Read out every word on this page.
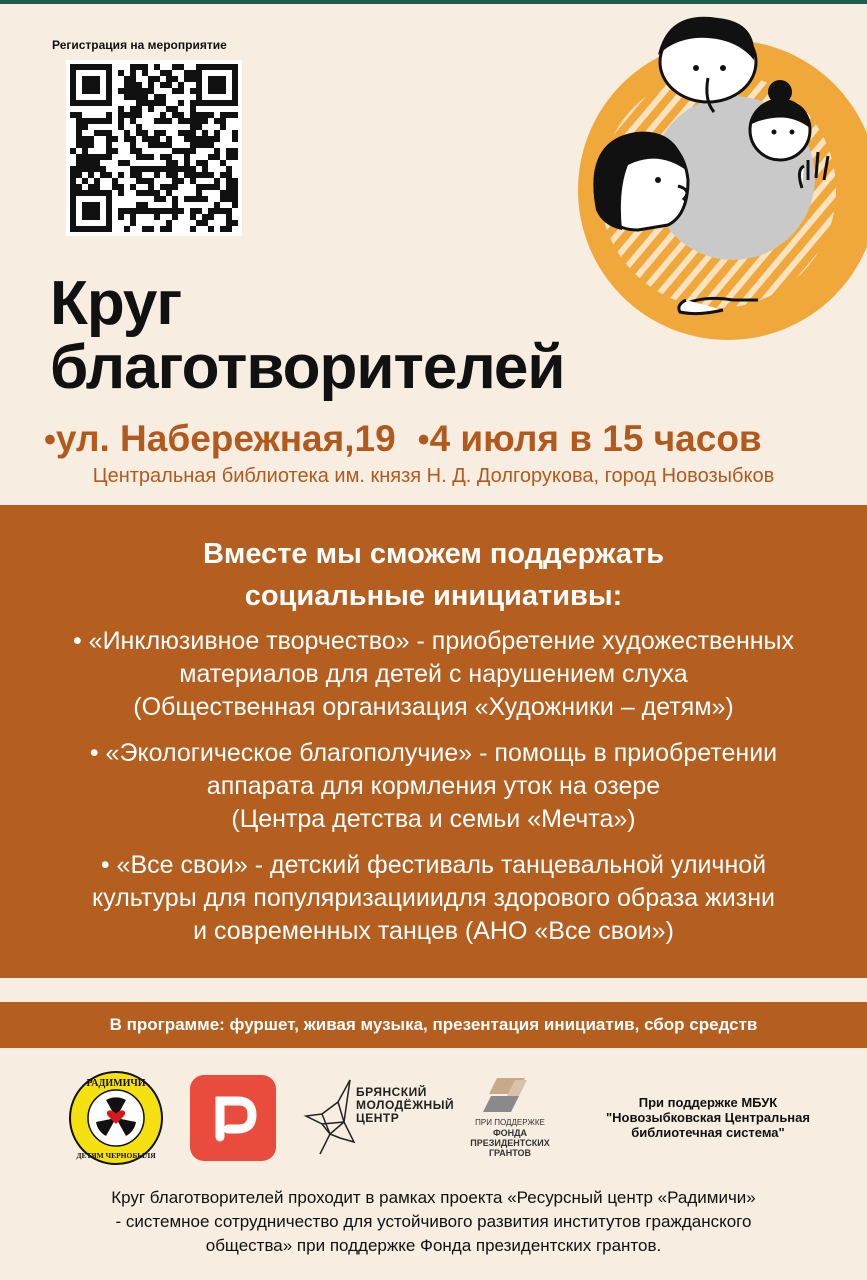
Регистрация на мероприятие
Круг
благотворителей
•ул. Набережная,19 •4 июля в 15 часов
Центральная библиотека им. князя Н. Д. Долгорукова, город Новозыбков
Вместе мы сможем поддержать
социальные инициативы:
• «Инклюзивное творчество» - приобретение художественных
материалов для детей с нарушением слуха
(Общественная организация «Художники – детям»)
• «Экологическое благополучие» - помощь в приобретении
аппарата для кормления уток на озере
(Центра детства и семьи «Мечта»)
• «Все свои» - детский фестиваль танцевальной уличной
культуры для популяризацииидля здорового образа жизни
и современных танцев (АНО «Все свои»)
В программе: фуршет, живая музыка, презентация инициатив, сбор средств
РАДИМИЧИ
ДЕТЯМ ЧЕРНОБЫЛЯ
БРЯНСКИЙ
МОЛОДЁЖНЫЙ
ЦЕНТР	ПРИ ПОДДЕРЖКЕ
ФОНДА
ПРЕЗИДЕНТСКИХ
ГРАНТОВ
При поддержке МБУК
"Новозыбковская Центральная
библиотечная система"
Круг благотворителей проходит в рамках проекта «Ресурсный центр «Радимичи»
- системное сотрудничество для устойчивого развития институтов гражданского
общества» при поддержке Фонда президентских грантов.
